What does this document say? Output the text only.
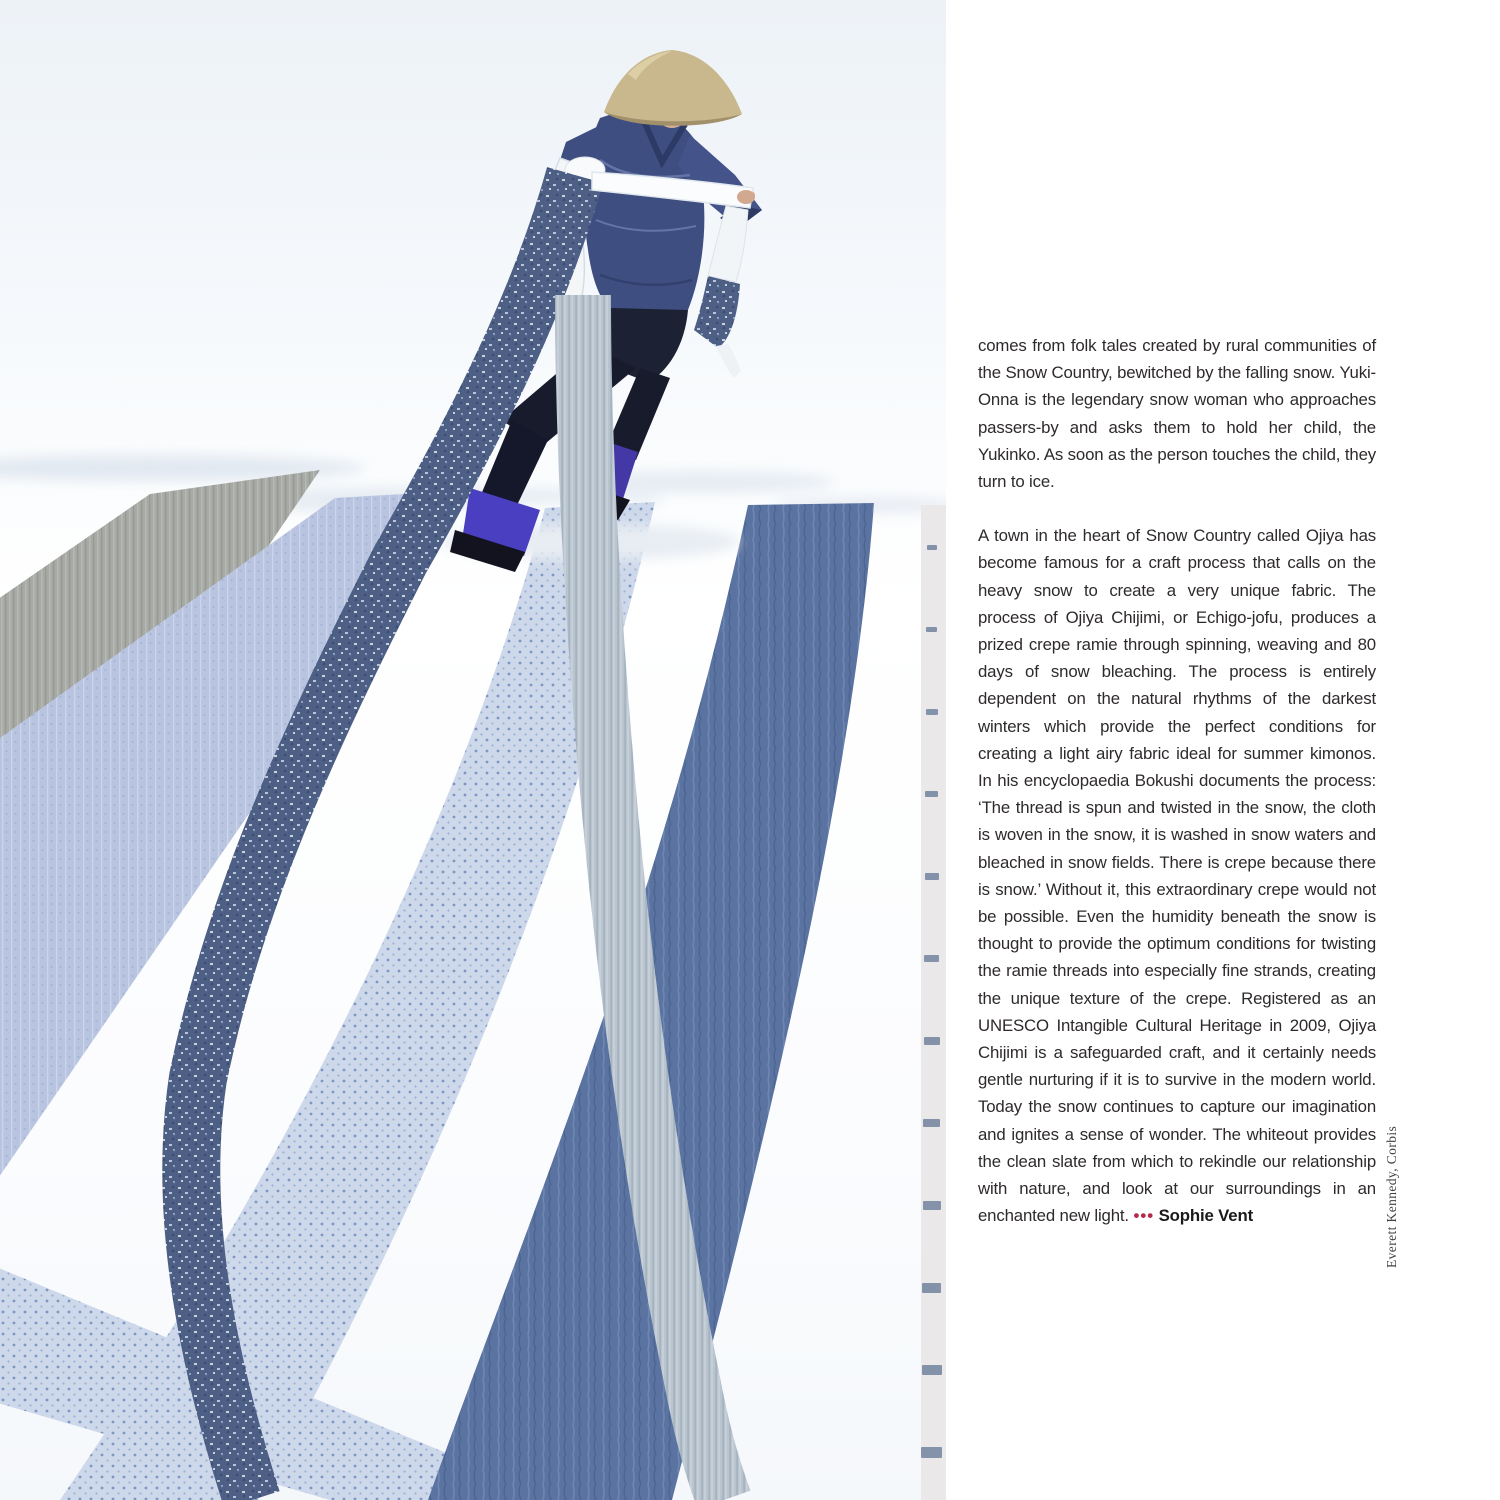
comes from folk tales created by rural communities of the Snow Country, bewitched by the falling snow. Yuki-Onna is the legendary snow woman who approaches passers-by and asks them to hold her child, the Yukinko. As soon as the person touches the child, they turn to ice.

A town in the heart of Snow Country called Ojiya has become famous for a craft process that calls on the heavy snow to create a very unique fabric. The process of Ojiya Chijimi, or Echigo-jofu, produces a prized crepe ramie through spinning, weaving and 80 days of snow bleaching. The process is entirely dependent on the natural rhythms of the darkest winters which provide the perfect conditions for creating a light airy fabric ideal for summer kimonos. In his encyclopaedia Bokushi documents the process: ‘The thread is spun and twisted in the snow, the cloth is woven in the snow, it is washed in snow waters and bleached in snow fields. There is crepe because there is snow.’ Without it, this extraordinary crepe would not be possible. Even the humidity beneath the snow is thought to provide the optimum conditions for twisting the ramie threads into especially fine strands, creating the unique texture of the crepe. Registered as an UNESCO Intangible Cultural Heritage in 2009, Ojiya Chijimi is a safeguarded craft, and it certainly needs gentle nurturing if it is to survive in the modern world. Today the snow continues to capture our imagination and ignites a sense of wonder. The whiteout provides the clean slate from which to rekindle our relationship with nature, and look at our surroundings in an enchanted new light. ••• Sophie Vent	Everett Kennedy, Corbis
